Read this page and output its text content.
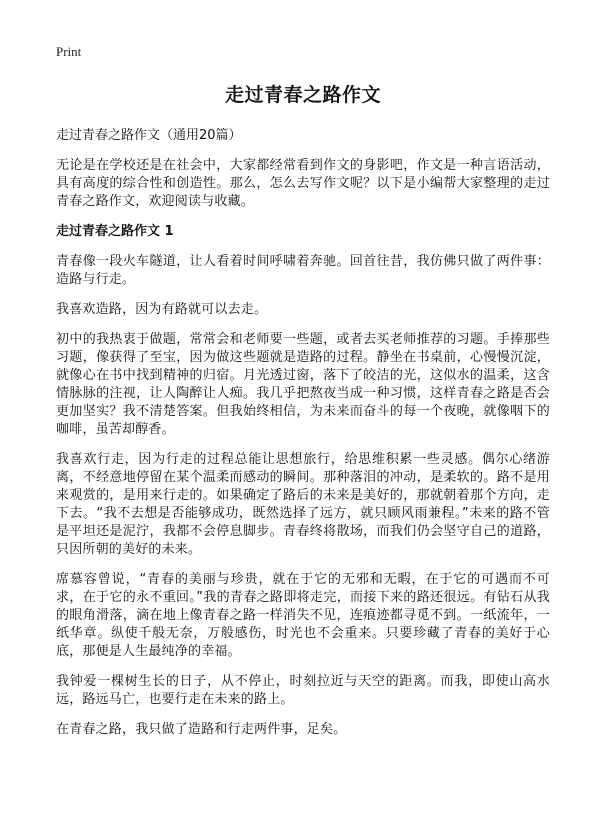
Print
走过青春之路作文

走过青春之路作文（通用20篇）

无论是在学校还是在社会中，大家都经常看到作文的身影吧，作文是一种言语活动，具有高度的综合性和创造性。那么，怎么去写作文呢？以下是小编帮大家整理的走过青春之路作文，欢迎阅读与收藏。

走过青春之路作文 1

青春像一段火车隧道，让人看着时间呼啸着奔驰。回首往昔，我仿佛只做了两件事：造路与行走。

我喜欢造路，因为有路就可以去走。

初中的我热衷于做题，常常会和老师要一些题，或者去买老师推荐的习题。手捧那些习题，像获得了至宝，因为做这些题就是造路的过程。静坐在书桌前，心慢慢沉淀，就像心在书中找到精神的归宿。月光透过窗，落下了皎洁的光，这似水的温柔，这含情脉脉的注视，让人陶醉让人痴。我几乎把熬夜当成一种习惯，这样青春之路是否会更加坚实？我不清楚答案。但我始终相信，为未来而奋斗的每一个夜晚，就像咽下的咖啡，虽苦却醇香。

我喜欢行走，因为行走的过程总能让思想旅行，给思维积累一些灵感。偶尔心绪游离，不经意地停留在某个温柔而感动的瞬间。那种落泪的冲动，是柔软的。路不是用来观赏的，是用来行走的。如果确定了路后的未来是美好的，那就朝着那个方向，走下去。“我不去想是否能够成功，既然选择了远方，就只顾风雨兼程。”未来的路不管是平坦还是泥泞，我都不会停息脚步。青春终将散场，而我们仍会坚守自己的道路，只因所朝的美好的未来。

席慕容曾说，“青春的美丽与珍贵，就在于它的无邪和无暇，在于它的可遇而不可求，在于它的永不重回。”我的青春之路即将走完，而接下来的路还很远。有钻石从我的眼角滑落，滴在地上像青春之路一样消失不见，连痕迹都寻觅不到。一纸流年，一纸华章。纵使千般无奈，万般感伤，时光也不会重来。只要珍藏了青春的美好于心底，那便是人生最纯净的幸福。

我钟爱一棵树生长的日子，从不停止，时刻拉近与天空的距离。而我，即使山高水远，路远马亡，也要行走在未来的路上。

在青春之路，我只做了造路和行走两件事，足矣。
